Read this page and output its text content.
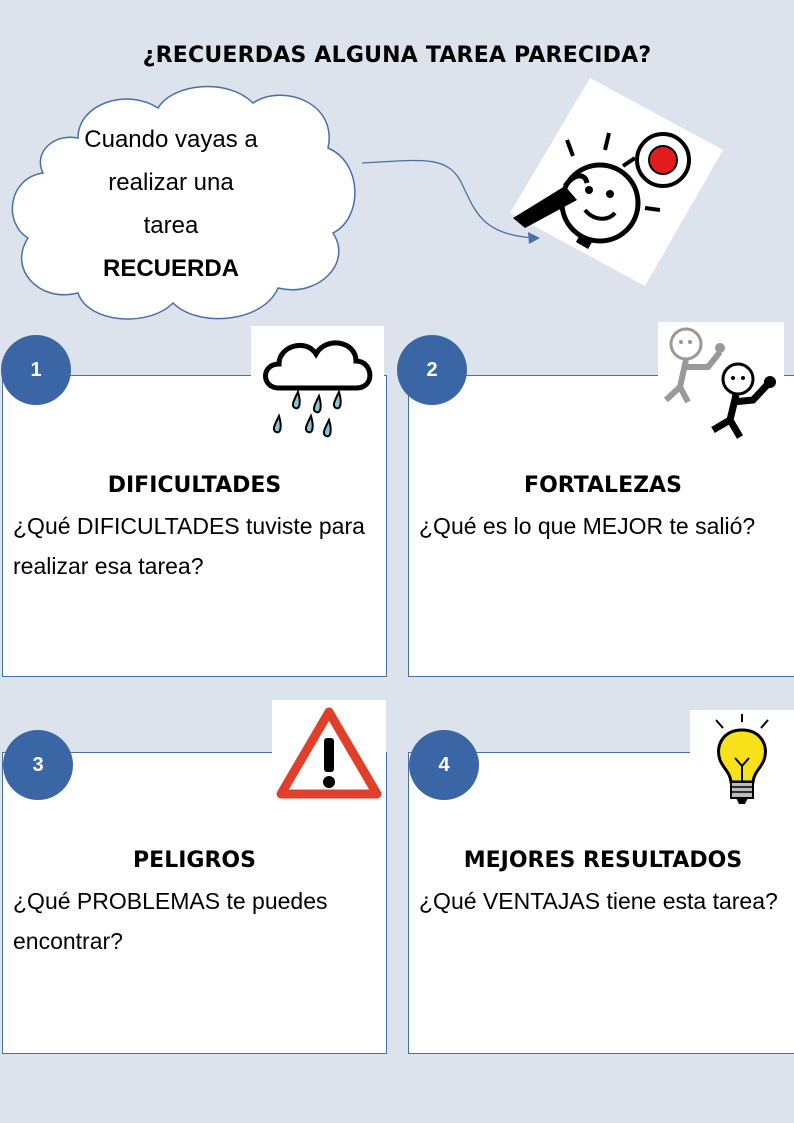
¿RECUERDAS ALGUNA TAREA PARECIDA?
Cuando vayas a
realizar una
tarea
RECUERDA
DIFICULTADES
¿Qué DIFICULTADES tuviste para realizar esa tarea?
1
FORTALEZAS
¿Qué es lo que MEJOR te salió?
2
PELIGROS
¿Qué PROBLEMAS te puedes encontrar?
3
MEJORES RESULTADOS
¿Qué VENTAJAS tiene esta tarea?
4
